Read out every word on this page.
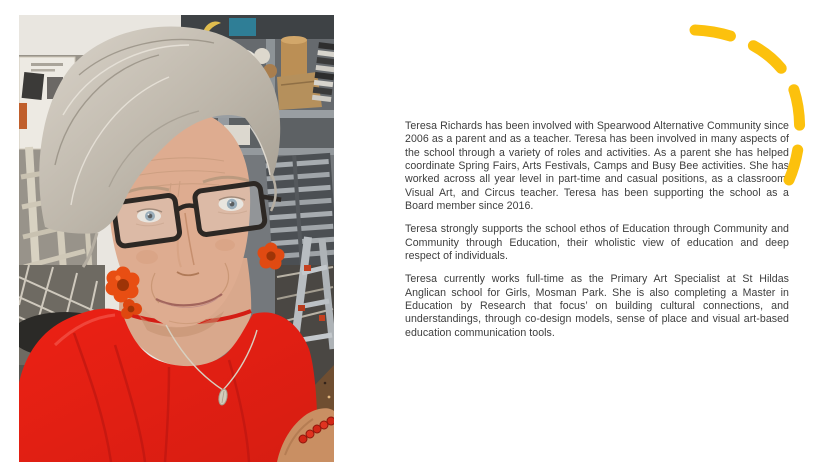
Teresa Richards has been involved with Spearwood Alternative Community since 2006 as a parent and as a teacher. Teresa has been involved in many aspects of the school through a variety of roles and activities. As a parent she has helped coordinate Spring Fairs, Arts Festivals, Camps and Busy Bee activities. She has worked across all year level in part-time and casual positions, as a classroom, Visual Art, and Circus teacher. Teresa has been supporting the school as a Board member since 2016.

Teresa strongly supports the school ethos of Education through Community and Community through Education, their wholistic view of education and deep respect of individuals.

Teresa currently works full-time as the Primary Art Specialist at St Hildas Anglican school for Girls, Mosman Park. She is also completing a Master in Education by Research that focus’ on building cultural connections, and understandings, through co-design models, sense of place and visual art-based education communication tools.
